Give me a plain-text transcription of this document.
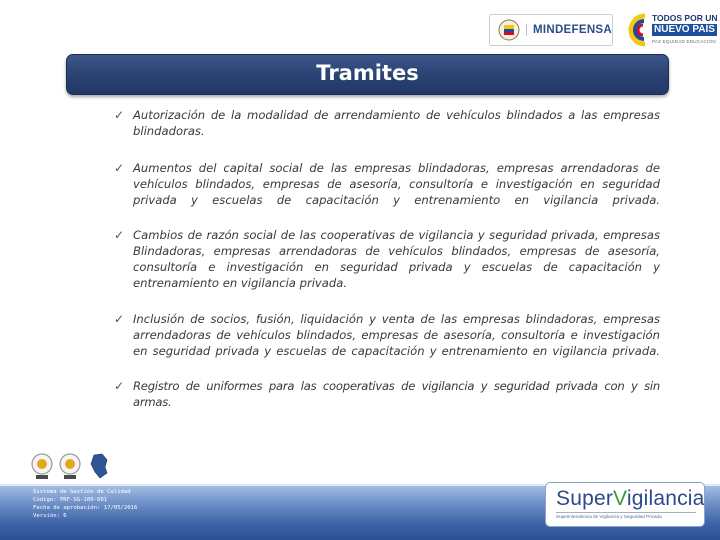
MINDEFENSA
TODOS POR UN
NUEVO PAÍS
PAZ EQUIDAD EDUCACIÓN
Tramites
✓ Autorización de la modalidad de arrendamiento de vehículos blindados a las empresas blindadoras.
✓ Aumentos del capital social de las empresas blindadoras, empresas arrendadoras de vehículos blindados, empresas de asesoría, consultoría e investigación en seguridad privada y escuelas de capacitación y entrenamiento en vigilancia privada.
✓ Cambios de razón social de las cooperativas de vigilancia y seguridad privada, empresas Blindadoras, empresas arrendadoras de vehículos blindados, empresas de asesoría, consultoría e investigación en seguridad privada y escuelas de capacitación y entrenamiento en vigilancia privada.
✓ Inclusión de socios, fusión, liquidación y venta de las empresas blindadoras, empresas arrendadoras de vehículos blindados, empresas de asesoría, consultoría e investigación en seguridad privada y escuelas de capacitación y entrenamiento en vigilancia privada.
✓ Registro de uniformes para las cooperativas de vigilancia y seguridad privada con y sin armas.
Sistema de Gestión de Calidad
Código: PRF-SG-100-001
Fecha de aprobación: 17/05/2016
Versión: 6
SuperVigilancia
Superintendencia de Vigilancia y Seguridad Privada
